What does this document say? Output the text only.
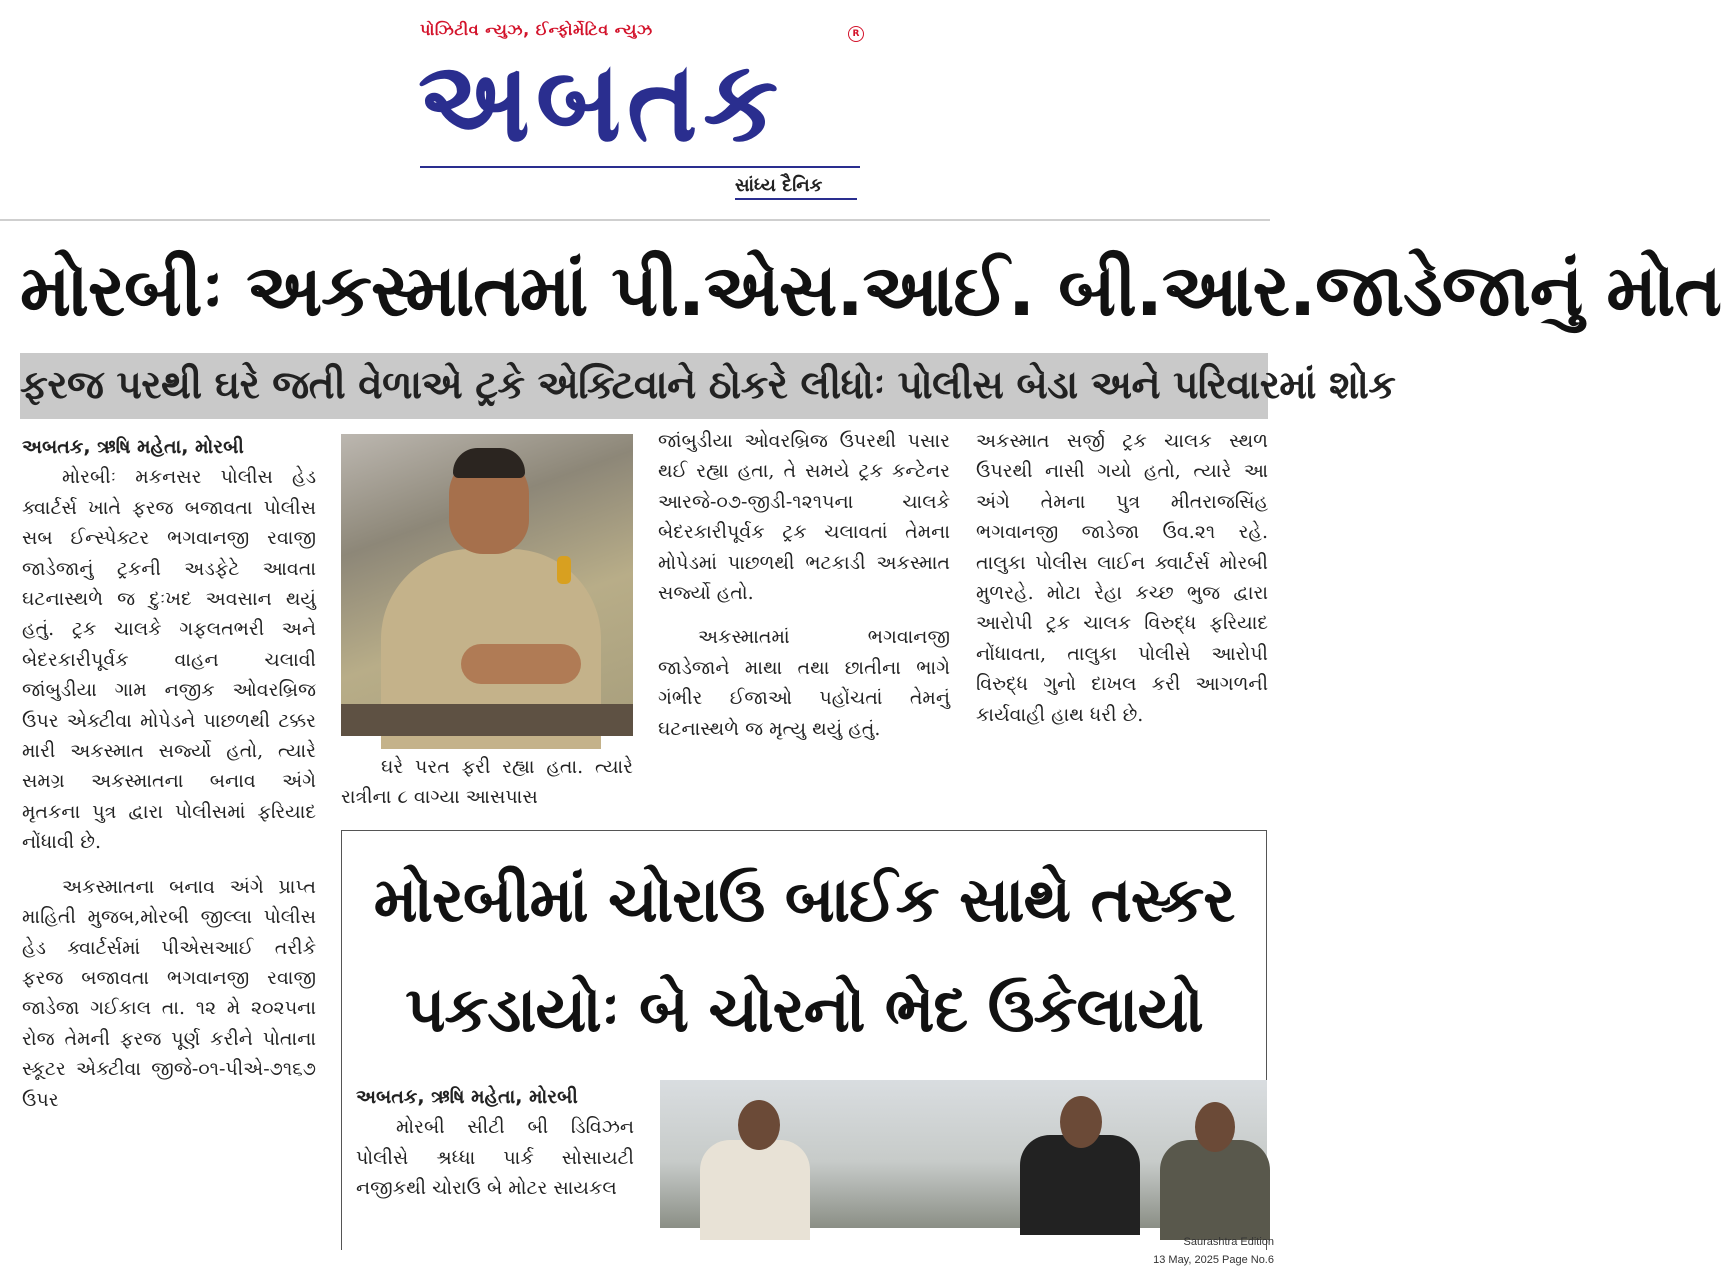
પોઝિટીવ ન્યુઝ, ઈન્ફોર્મેટિવ ન્યુઝ	R
અબતક
સાંધ્ય દૈનિક
મોરબીઃ અકસ્માતમાં પી.એસ.આઈ. બી.આર.જાડેજાનું મોત
ફરજ પરથી ઘરે જતી વેળાએ ટ્રકે એક્ટિવાને ઠોકરે લીધોઃ પોલીસ બેડા અને પરિવારમાં શોક
અબતક, ઋષિ મહેતા, મોરબી

મોરબીઃ મકનસર પોલીસ હેડ ક્વાર્ટર્સ ખાતે ફરજ બજાવતા પોલીસ સબ ઈન્સ્પેક્ટર ભગવાનજી રવાજી જાડેજાનું ટ્રકની અડફેટે આવતા ઘટનાસ્થળે જ દુઃખદ અવસાન થયું હતું. ટ્રક ચાલકે ગફલતભરી અને બેદરકારીપૂર્વક વાહન ચલાવી જાંબુડીયા ગામ નજીક ઓવરબ્રિજ ઉપર એક્ટીવા મોપેડને પાછળથી ટક્કર મારી અકસ્માત સર્જ્યો હતો, ત્યારે સમગ્ર અકસ્માતના બનાવ અંગે મૃતકના પુત્ર દ્વારા પોલીસમાં ફરિયાદ નોંધાવી છે.

અકસ્માતના બનાવ અંગે પ્રાપ્ત માહિતી મુજબ,મોરબી જીલ્લા પોલીસ હેડ ક્વાર્ટર્સમાં પીએસઆઈ તરીકે ફરજ બજાવતા ભગવાનજી રવાજી જાડેજા ગઈકાલ તા. ૧૨ મે ૨૦૨૫ના રોજ તેમની ફરજ પૂર્ણ કરીને પોતાના સ્કૂટર એક્ટીવા જીજે-૦૧-પીએ-૭૧૬૭ ઉપર

ઘરે પરત ફરી રહ્યા હતા. ત્યારે રાત્રીના ૮ વાગ્યા આસપાસ

જાંબુડીયા ઓવરબ્રિજ ઉપરથી પસાર થઈ રહ્યા હતા, તે સમયે ટ્રક કન્ટેનર આરજે-૦૭-જીડી-૧૨૧૫ના ચાલકે બેદરકારીપૂર્વક ટ્રક ચલાવતાં તેમના મોપેડમાં પાછળથી ભટકાડી અકસ્માત સર્જ્યો હતો.

અકસ્માતમાં ભગવાનજી જાડેજાને માથા તથા છાતીના ભાગે ગંભીર ઈજાઓ પહોંચતાં તેમનું ઘટનાસ્થળે જ મૃત્યુ થયું હતું.

અકસ્માત સર્જી ટ્રક ચાલક સ્થળ ઉપરથી નાસી ગયો હતો, ત્યારે આ અંગે તેમના પુત્ર મીતરાજસિંહ ભગવાનજી જાડેજા ઉવ.૨૧ રહે. તાલુકા પોલીસ લાઈન ક્વાર્ટર્સ મોરબી મુળરહે. મોટા રેહા કચ્છ ભુજ દ્વારા આરોપી ટ્રક ચાલક વિરુદ્ધ ફરિયાદ નોંધાવતા, તાલુકા પોલીસે આરોપી વિરુદ્ધ ગુનો દાખલ કરી આગળની કાર્યવાહી હાથ ધરી છે.

મોરબીમાં ચોરાઉ બાઈક સાથે તસ્કર પકડાયોઃ બે ચોરનો ભેદ ઉકેલાયો
અબતક, ઋષિ મહેતા, મોરબી

મોરબી સીટી બી ડિવિઝન પોલીસે શ્રધ્ધા પાર્ક સોસાયટી નજીકથી ચોરાઉ બે મોટર સાયકલ

Saurashtra Edition
13 May, 2025 Page No.6
